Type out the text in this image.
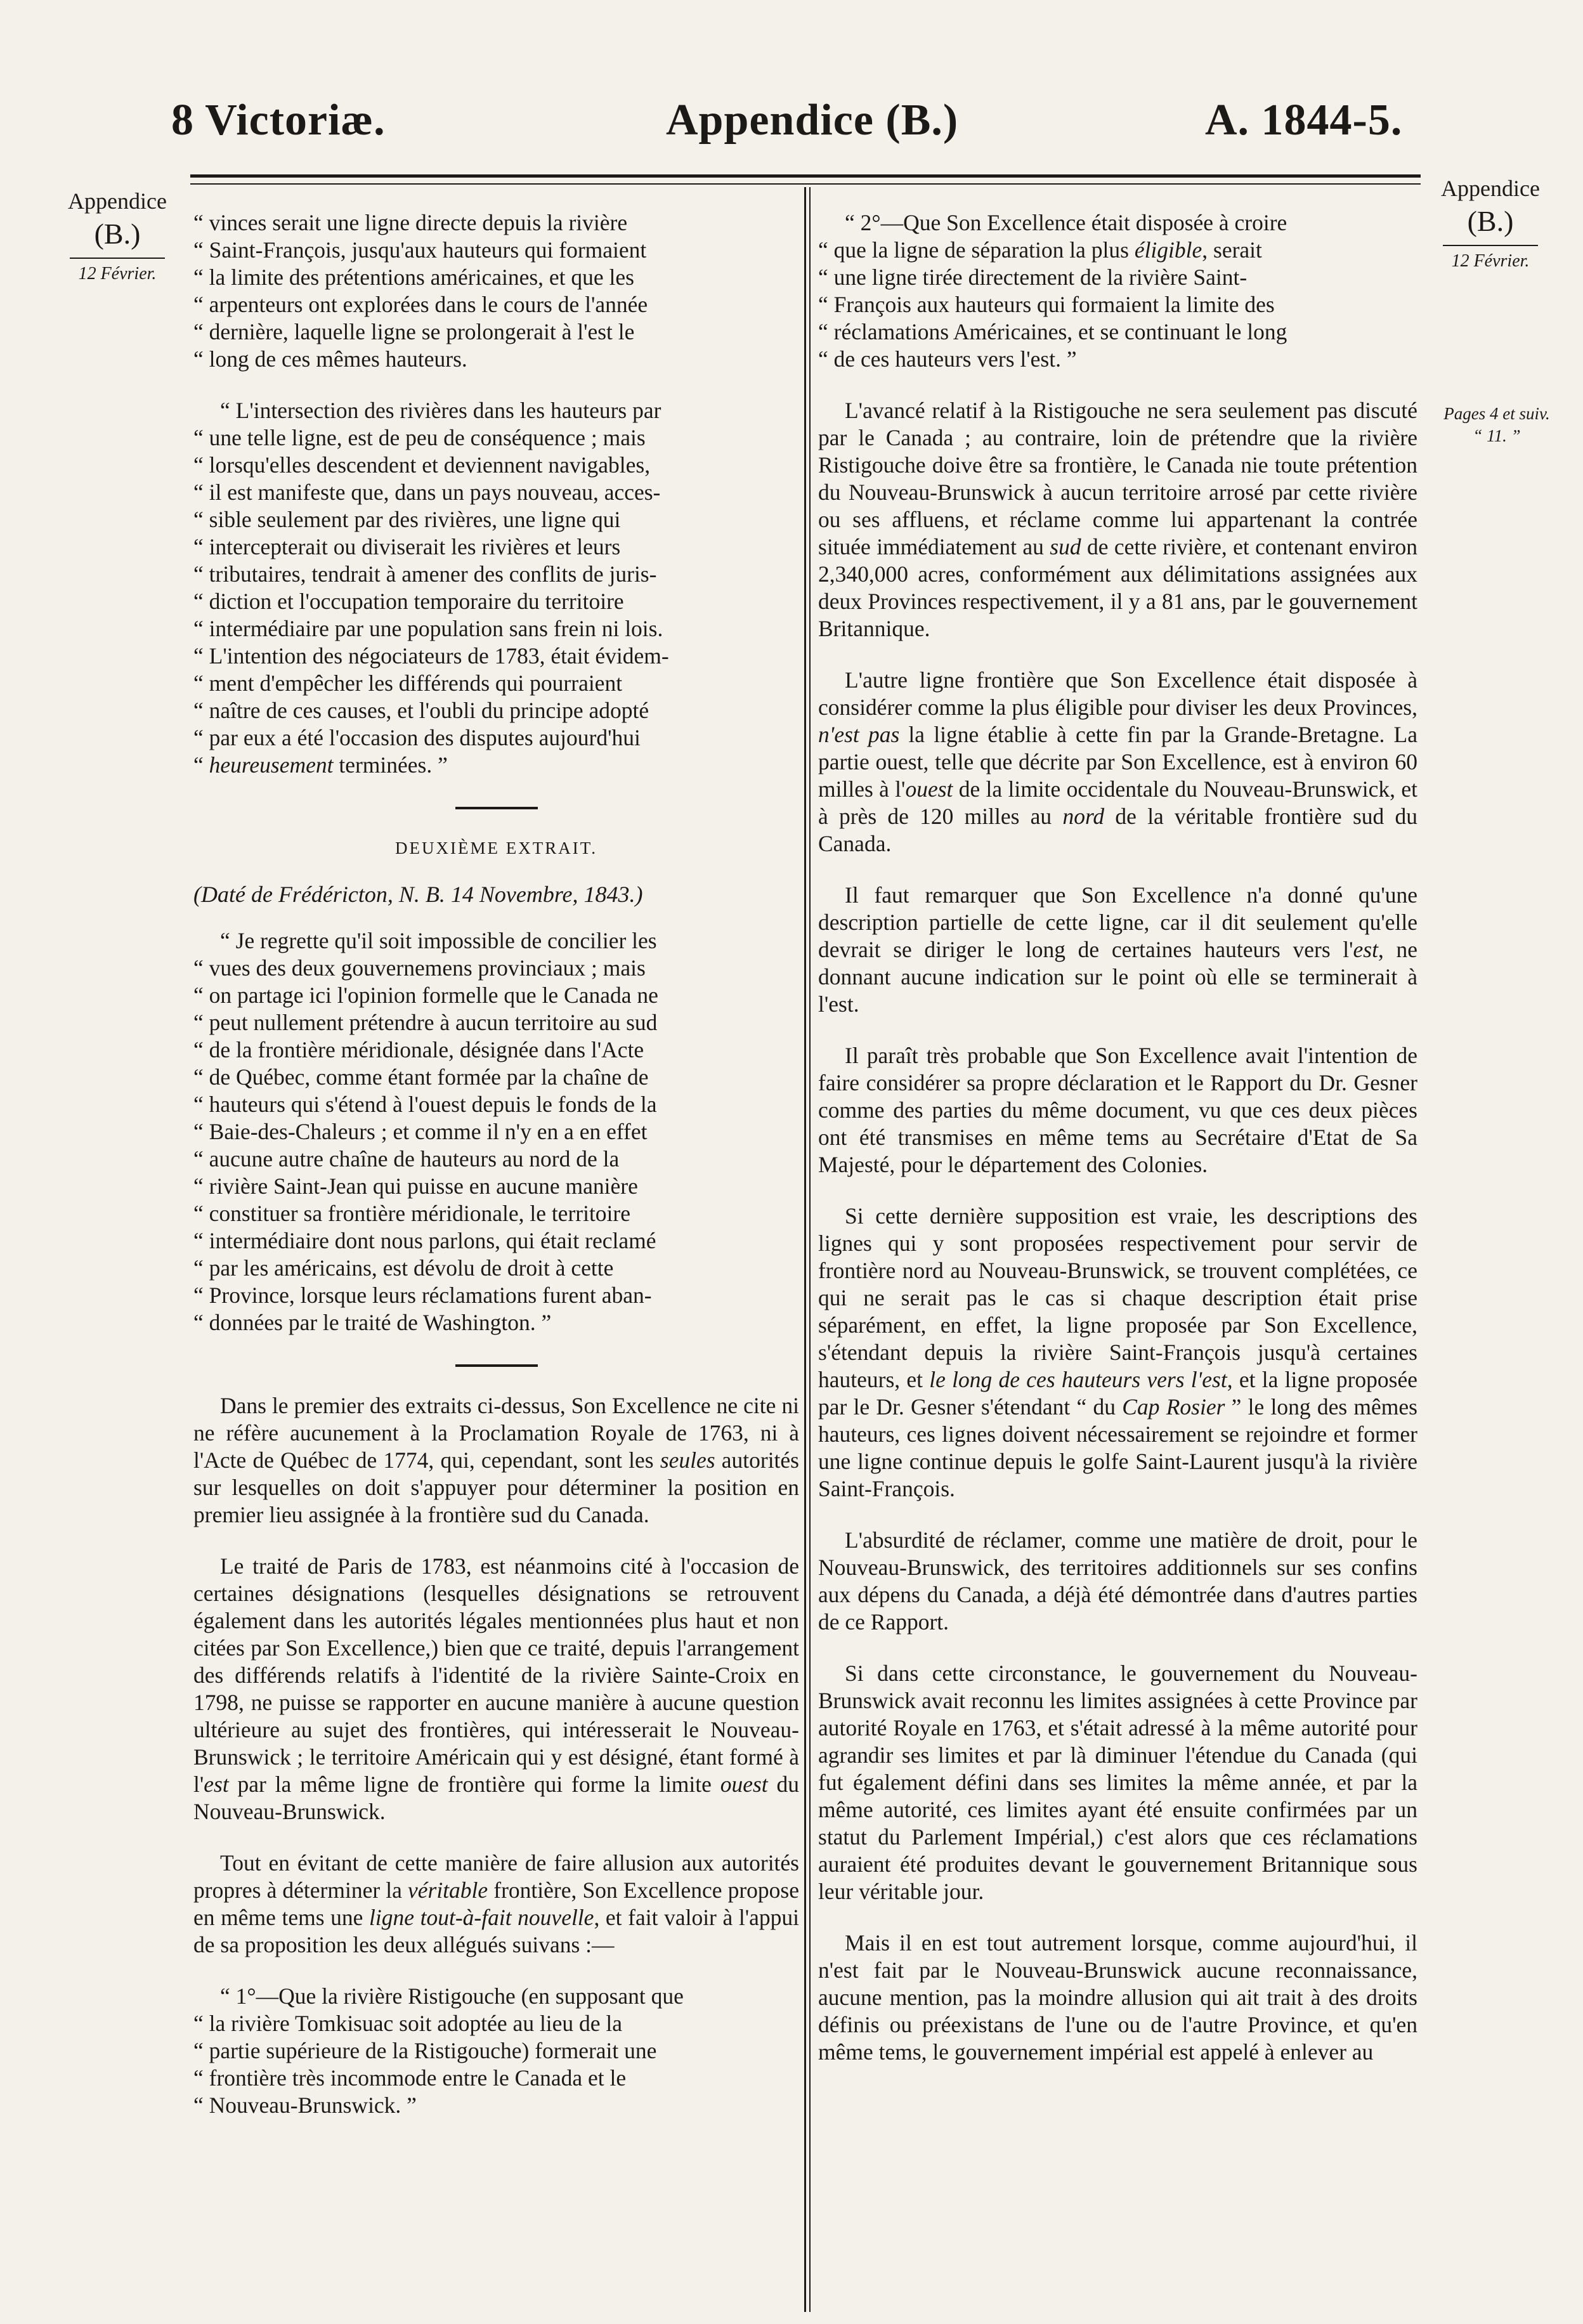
8 Victoriæ.	Appendice (B.)	A. 1844-5.
Appendice
(B.)
12 Février.
Appendice
(B.)
12 Février.
Pages 4 et suiv.
“ 11. ”

“ vinces serait une ligne directe depuis la rivière
“ Saint-François, jusqu'aux hauteurs qui formaient
“ la limite des prétentions américaines, et que les
“ arpenteurs ont explorées dans le cours de l'année
“ dernière, laquelle ligne se prolongerait à l'est le
“ long de ces mêmes hauteurs.

“ L'intersection des rivières dans les hauteurs par
“ une telle ligne, est de peu de conséquence ; mais
“ lorsqu'elles descendent et deviennent navigables,
“ il est manifeste que, dans un pays nouveau, acces-
“ sible seulement par des rivières, une ligne qui
“ intercepterait ou diviserait les rivières et leurs
“ tributaires, tendrait à amener des conflits de juris-
“ diction et l'occupation temporaire du territoire
“ intermédiaire par une population sans frein ni lois.
“ L'intention des négociateurs de 1783, était évidem-
“ ment d'empêcher les différends qui pourraient
“ naître de ces causes, et l'oubli du principe adopté
“ par eux a été l'occasion des disputes aujourd'hui
“ heureusement terminées. ”

DEUXIÈME EXTRAIT.

(Daté de Frédéricton, N. B. 14 Novembre, 1843.)

“ Je regrette qu'il soit impossible de concilier les
“ vues des deux gouvernemens provinciaux ; mais
“ on partage ici l'opinion formelle que le Canada ne
“ peut nullement prétendre à aucun territoire au sud
“ de la frontière méridionale, désignée dans l'Acte
“ de Québec, comme étant formée par la chaîne de
“ hauteurs qui s'étend à l'ouest depuis le fonds de la
“ Baie-des-Chaleurs ; et comme il n'y en a en effet
“ aucune autre chaîne de hauteurs au nord de la
“ rivière Saint-Jean qui puisse en aucune manière
“ constituer sa frontière méridionale, le territoire
“ intermédiaire dont nous parlons, qui était reclamé
“ par les américains, est dévolu de droit à cette
“ Province, lorsque leurs réclamations furent aban-
“ données par le traité de Washington. ”

Dans le premier des extraits ci-dessus, Son Excellence ne cite ni ne réfère aucunement à la Proclamation Royale de 1763, ni à l'Acte de Québec de 1774, qui, cependant, sont les seules autorités sur lesquelles on doit s'appuyer pour déterminer la position en premier lieu assignée à la frontière sud du Canada.

Le traité de Paris de 1783, est néanmoins cité à l'occasion de certaines désignations (lesquelles désignations se retrouvent également dans les autorités légales mentionnées plus haut et non citées par Son Excellence,) bien que ce traité, depuis l'arrangement des différends relatifs à l'identité de la rivière Sainte-Croix en 1798, ne puisse se rapporter en aucune manière à aucune question ultérieure au sujet des frontières, qui intéresserait le Nouveau-Brunswick ; le territoire Américain qui y est désigné, étant formé à l'est par la même ligne de frontière qui forme la limite ouest du Nouveau-Brunswick.

Tout en évitant de cette manière de faire allusion aux autorités propres à déterminer la véritable frontière, Son Excellence propose en même tems une ligne tout-à-fait nouvelle, et fait valoir à l'appui de sa proposition les deux allégués suivans :—

“ 1°—Que la rivière Ristigouche (en supposant que
“ la rivière Tomkisuac soit adoptée au lieu de la
“ partie supérieure de la Ristigouche) formerait une
“ frontière très incommode entre le Canada et le
“ Nouveau-Brunswick. ”

“ 2°—Que Son Excellence était disposée à croire
“ que la ligne de séparation la plus éligible, serait
“ une ligne tirée directement de la rivière Saint-
“ François aux hauteurs qui formaient la limite des
“ réclamations Américaines, et se continuant le long
“ de ces hauteurs vers l'est. ”

L'avancé relatif à la Ristigouche ne sera seulement pas discuté par le Canada ; au contraire, loin de prétendre que la rivière Ristigouche doive être sa frontière, le Canada nie toute prétention du Nouveau-Brunswick à aucun territoire arrosé par cette rivière ou ses affluens, et réclame comme lui appartenant la contrée située immédiatement au sud de cette rivière, et contenant environ 2,340,000 acres, conformément aux délimitations assignées aux deux Provinces respectivement, il y a 81 ans, par le gouvernement Britannique.

L'autre ligne frontière que Son Excellence était disposée à considérer comme la plus éligible pour diviser les deux Provinces, n'est pas la ligne établie à cette fin par la Grande-Bretagne. La partie ouest, telle que décrite par Son Excellence, est à environ 60 milles à l'ouest de la limite occidentale du Nouveau-Brunswick, et à près de 120 milles au nord de la véritable frontière sud du Canada.

Il faut remarquer que Son Excellence n'a donné qu'une description partielle de cette ligne, car il dit seulement qu'elle devrait se diriger le long de certaines hauteurs vers l'est, ne donnant aucune indication sur le point où elle se terminerait à l'est.

Il paraît très probable que Son Excellence avait l'intention de faire considérer sa propre déclaration et le Rapport du Dr. Gesner comme des parties du même document, vu que ces deux pièces ont été transmises en même tems au Secrétaire d'Etat de Sa Majesté, pour le département des Colonies.

Si cette dernière supposition est vraie, les descriptions des lignes qui y sont proposées respectivement pour servir de frontière nord au Nouveau-Brunswick, se trouvent complétées, ce qui ne serait pas le cas si chaque description était prise séparément, en effet, la ligne proposée par Son Excellence, s'étendant depuis la rivière Saint-François jusqu'à certaines hauteurs, et le long de ces hauteurs vers l'est, et la ligne proposée par le Dr. Gesner s'étendant “ du Cap Rosier ” le long des mêmes hauteurs, ces lignes doivent nécessairement se rejoindre et former une ligne continue depuis le golfe Saint-Laurent jusqu'à la rivière Saint-François.

L'absurdité de réclamer, comme une matière de droit, pour le Nouveau-Brunswick, des territoires additionnels sur ses confins aux dépens du Canada, a déjà été démontrée dans d'autres parties de ce Rapport.

Si dans cette circonstance, le gouvernement du Nouveau-Brunswick avait reconnu les limites assignées à cette Province par autorité Royale en 1763, et s'était adressé à la même autorité pour agrandir ses limites et par là diminuer l'étendue du Canada (qui fut également défini dans ses limites la même année, et par la même autorité, ces limites ayant été ensuite confirmées par un statut du Parlement Impérial,) c'est alors que ces réclamations auraient été produites devant le gouvernement Britannique sous leur véritable jour.

Mais il en est tout autrement lorsque, comme aujourd'hui, il n'est fait par le Nouveau-Brunswick aucune reconnaissance, aucune mention, pas la moindre allusion qui ait trait à des droits définis ou préexistans de l'une ou de l'autre Province, et qu'en même tems, le gouvernement impérial est appelé à enlever au
